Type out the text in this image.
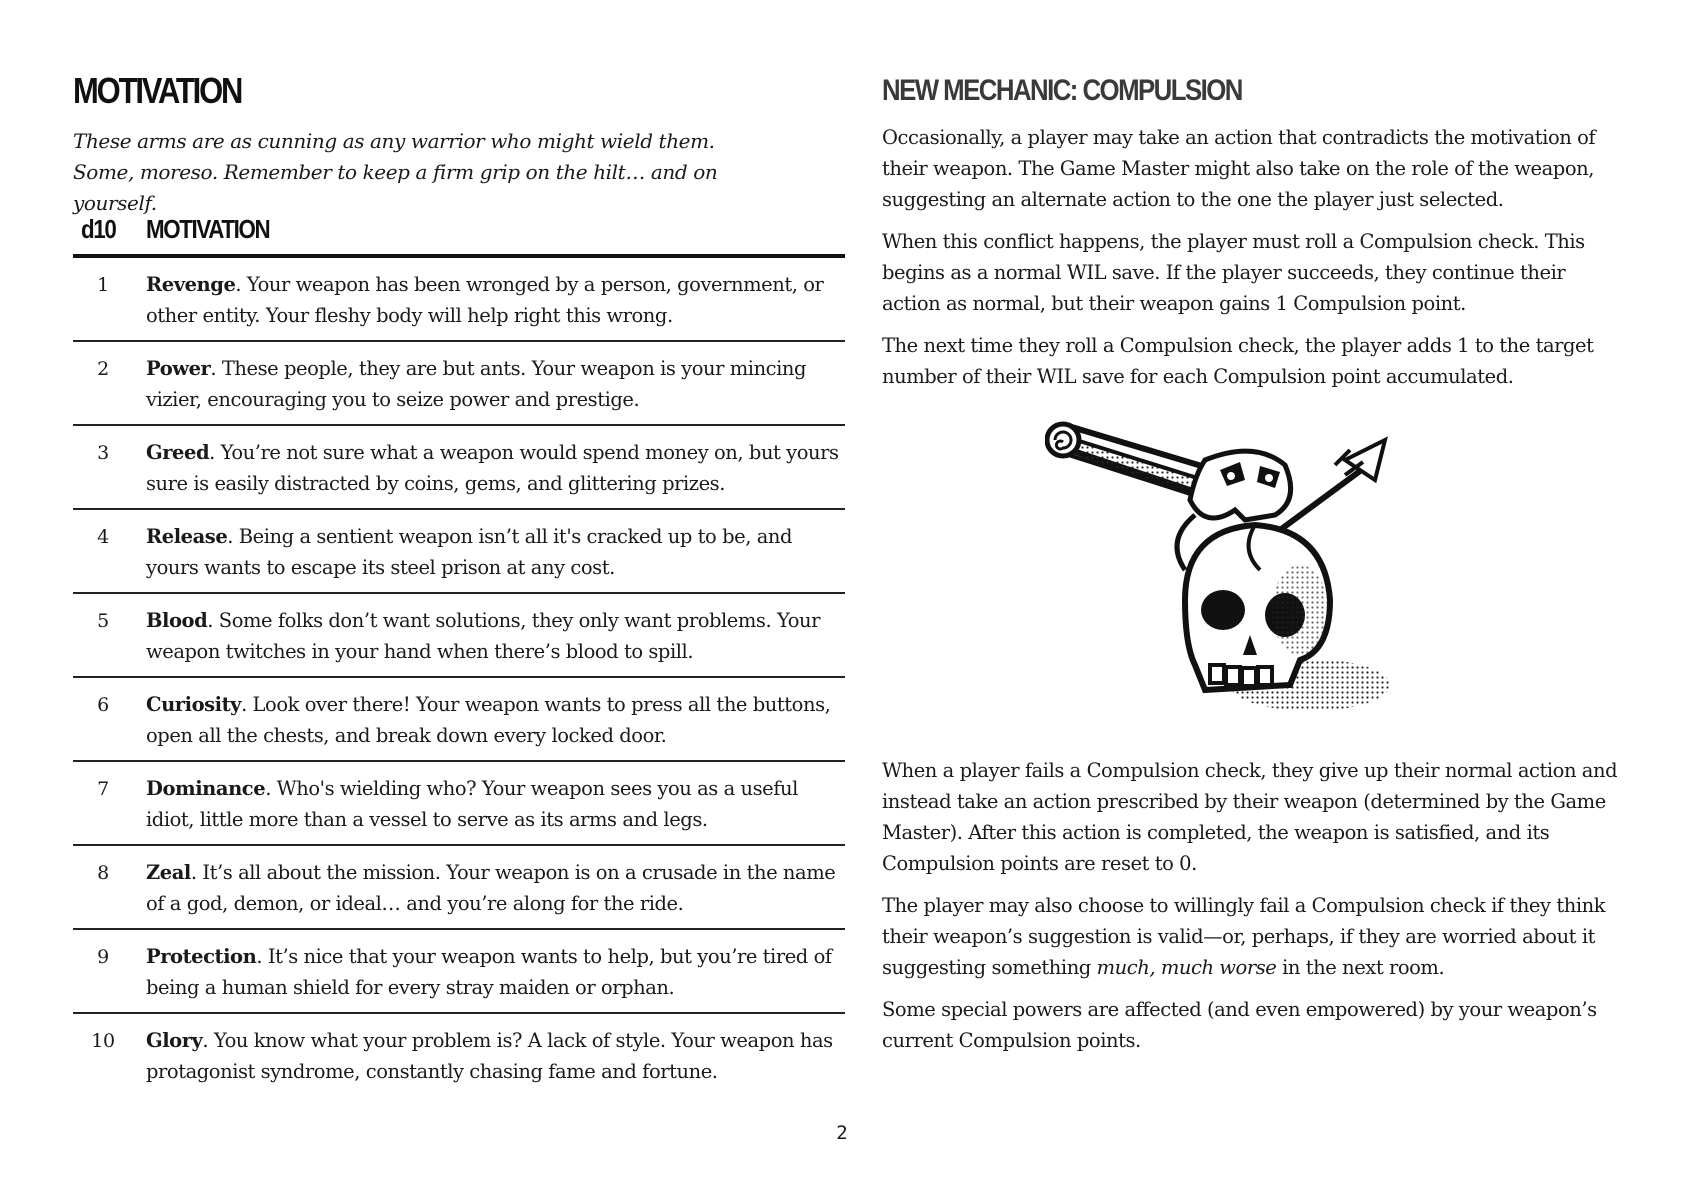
MOTIVATION

These arms are as cunning as any warrior who might wield them. Some, moreso. Remember to keep a firm grip on the hilt… and on yourself.

d10 MOTIVATION
1	Revenge. Your weapon has been wronged by a person, government, or other entity. Your fleshy body will help right this wrong.
2	Power. These people, they are but ants. Your weapon is your mincing vizier, encouraging you to seize power and prestige.
3	Greed. You’re not sure what a weapon would spend money on, but yours sure is easily distracted by coins, gems, and glittering prizes.
4	Release. Being a sentient weapon isn’t all it's cracked up to be, and yours wants to escape its steel prison at any cost.
5	Blood. Some folks don’t want solutions, they only want problems. Your weapon twitches in your hand when there’s blood to spill.
6	Curiosity. Look over there! Your weapon wants to press all the buttons, open all the chests, and break down every locked door.
7	Dominance. Who's wielding who? Your weapon sees you as a useful idiot, little more than a vessel to serve as its arms and legs.
8	Zeal. It’s all about the mission. Your weapon is on a crusade in the name of a god, demon, or ideal… and you’re along for the ride.
9	Protection. It’s nice that your weapon wants to help, but you’re tired of being a human shield for every stray maiden or orphan.
10	Glory. You know what your problem is? A lack of style. Your weapon has protagonist syndrome, constantly chasing fame and fortune.
NEW MECHANIC: COMPULSION

Occasionally, a player may take an action that contradicts the motivation of their weapon. The Game Master might also take on the role of the weapon, suggesting an alternate action to the one the player just selected.

When this conflict happens, the player must roll a Compulsion check. This begins as a normal WIL save. If the player succeeds, they continue their action as normal, but their weapon gains 1 Compulsion point.

The next time they roll a Compulsion check, the player adds 1 to the target number of their WIL save for each Compulsion point accumulated.

When a player fails a Compulsion check, they give up their normal action and instead take an action prescribed by their weapon (determined by the Game Master). After this action is completed, the weapon is satisfied, and its Compulsion points are reset to 0.

The player may also choose to willingly fail a Compulsion check if they think their weapon’s suggestion is valid—or, perhaps, if they are worried about it suggesting something much, much worse in the next room.

Some special powers are affected (and even empowered) by your weapon’s current Compulsion points.

2
